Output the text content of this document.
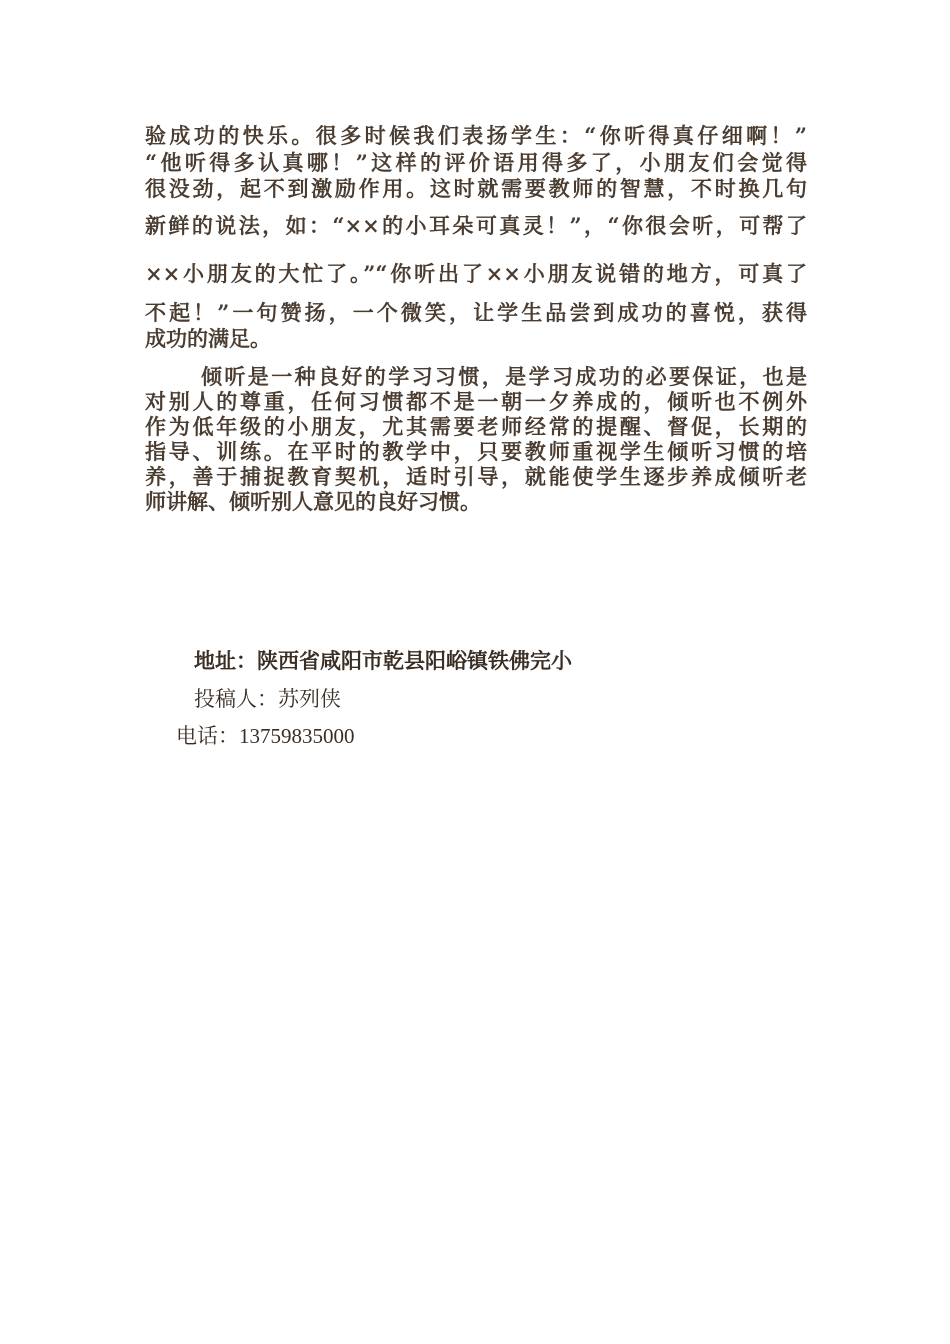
验成功的快乐。很多时候我们表扬学生：“你听得真仔细啊！”
“他听得多认真哪！”这样的评价语用得多了，小朋友们会觉得
很没劲，起不到激励作用。这时就需要教师的智慧，不时换几句
新鲜的说法，如：“××的小耳朵可真灵！”，“你很会听，可帮了
××小朋友的大忙了。”“你听出了××小朋友说错的地方，可真了
不起！”一句赞扬，一个微笑，让学生品尝到成功的喜悦，获得
成功的满足。
倾听是一种良好的学习习惯，是学习成功的必要保证，也是
对别人的尊重，任何习惯都不是一朝一夕养成的，倾听也不例外
作为低年级的小朋友，尤其需要老师经常的提醒、督促，长期的
指导、训练。在平时的教学中，只要教师重视学生倾听习惯的培
养，善于捕捉教育契机，适时引导，就能使学生逐步养成倾听老
师讲解、倾听别人意见的良好习惯。
地址：陕西省咸阳市乾县阳峪镇铁佛完小
投稿人：苏列侠
电话：13759835000
